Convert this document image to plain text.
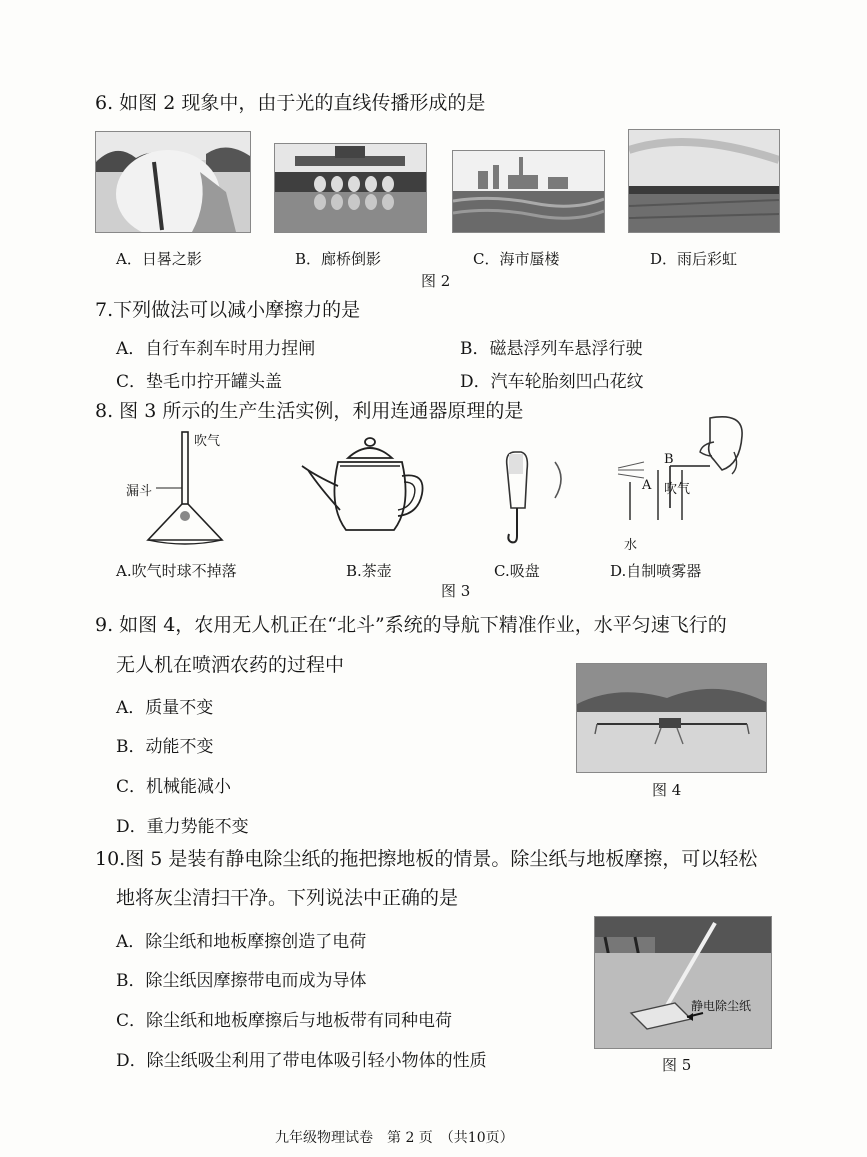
6. 如图 2 现象中，由于光的直线传播形成的是
A．日晷之影	B．廊桥倒影	C．海市蜃楼	D．雨后彩虹
图 2
7.下列做法可以减小摩擦力的是
A．自行车刹车时用力捏闸	B．磁悬浮列车悬浮行驶
C．垫毛巾拧开罐头盖	D．汽车轮胎刻凹凸花纹
8. 图 3 所示的生产生活实例，利用连通器原理的是
吹气
漏斗
B
A 吹气
水
A.吹气时球不掉落	B.茶壶	C.吸盘	D.自制喷雾器
图 3
9. 如图 4，农用无人机正在“北斗”系统的导航下精准作业，水平匀速飞行的
无人机在喷洒农药的过程中
A．质量不变
B．动能不变
C．机械能减小
D．重力势能不变
图 4
10.图 5 是装有静电除尘纸的拖把擦地板的情景。除尘纸与地板摩擦，可以轻松
地将灰尘清扫干净。下列说法中正确的是
A．除尘纸和地板摩擦创造了电荷
B．除尘纸因摩擦带电而成为导体
C．除尘纸和地板摩擦后与地板带有同种电荷
D．除尘纸吸尘利用了带电体吸引轻小物体的性质
静电除尘纸
图 5
九年级物理试卷　第 2 页　（共10页）
